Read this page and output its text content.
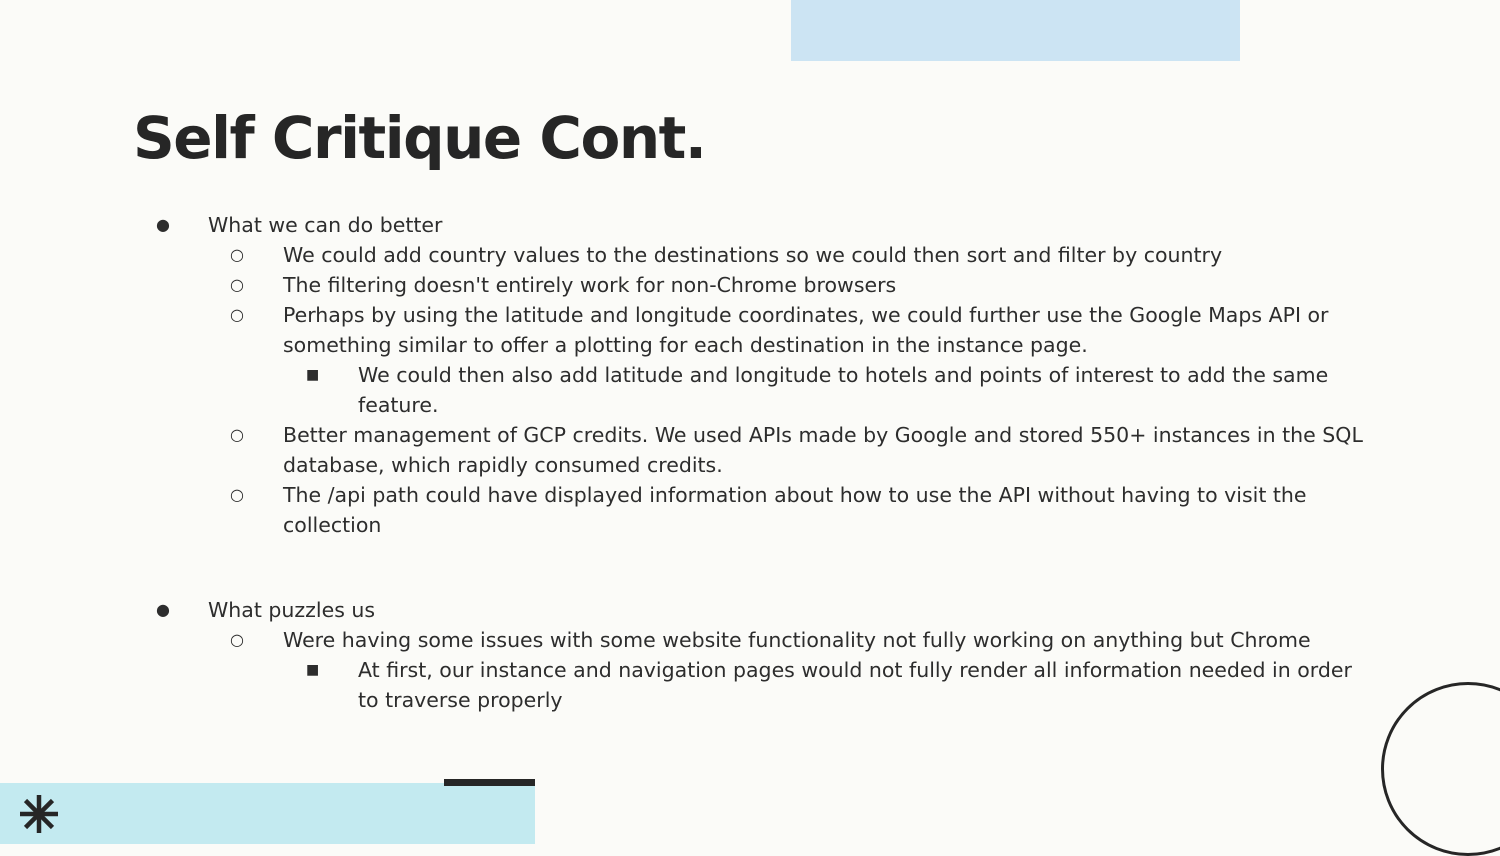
Self Critique Cont.
● What we can do better
○ We could add country values to the destinations so we could then sort and filter by country
○ The filtering doesn't entirely work for non-Chrome browsers
○ Perhaps by using the latitude and longitude coordinates, we could further use the Google Maps API or something similar to offer a plotting for each destination in the instance page.
■ We could then also add latitude and longitude to hotels and points of interest to add the same feature.
○ Better management of GCP credits. We used APIs made by Google and stored 550+ instances in the SQL database, which rapidly consumed credits.
○ The /api path could have displayed information about how to use the API without having to visit the collection
● What puzzles us
○ Were having some issues with some website functionality not fully working on anything but Chrome
■ At first, our instance and navigation pages would not fully render all information needed in order to traverse properly
